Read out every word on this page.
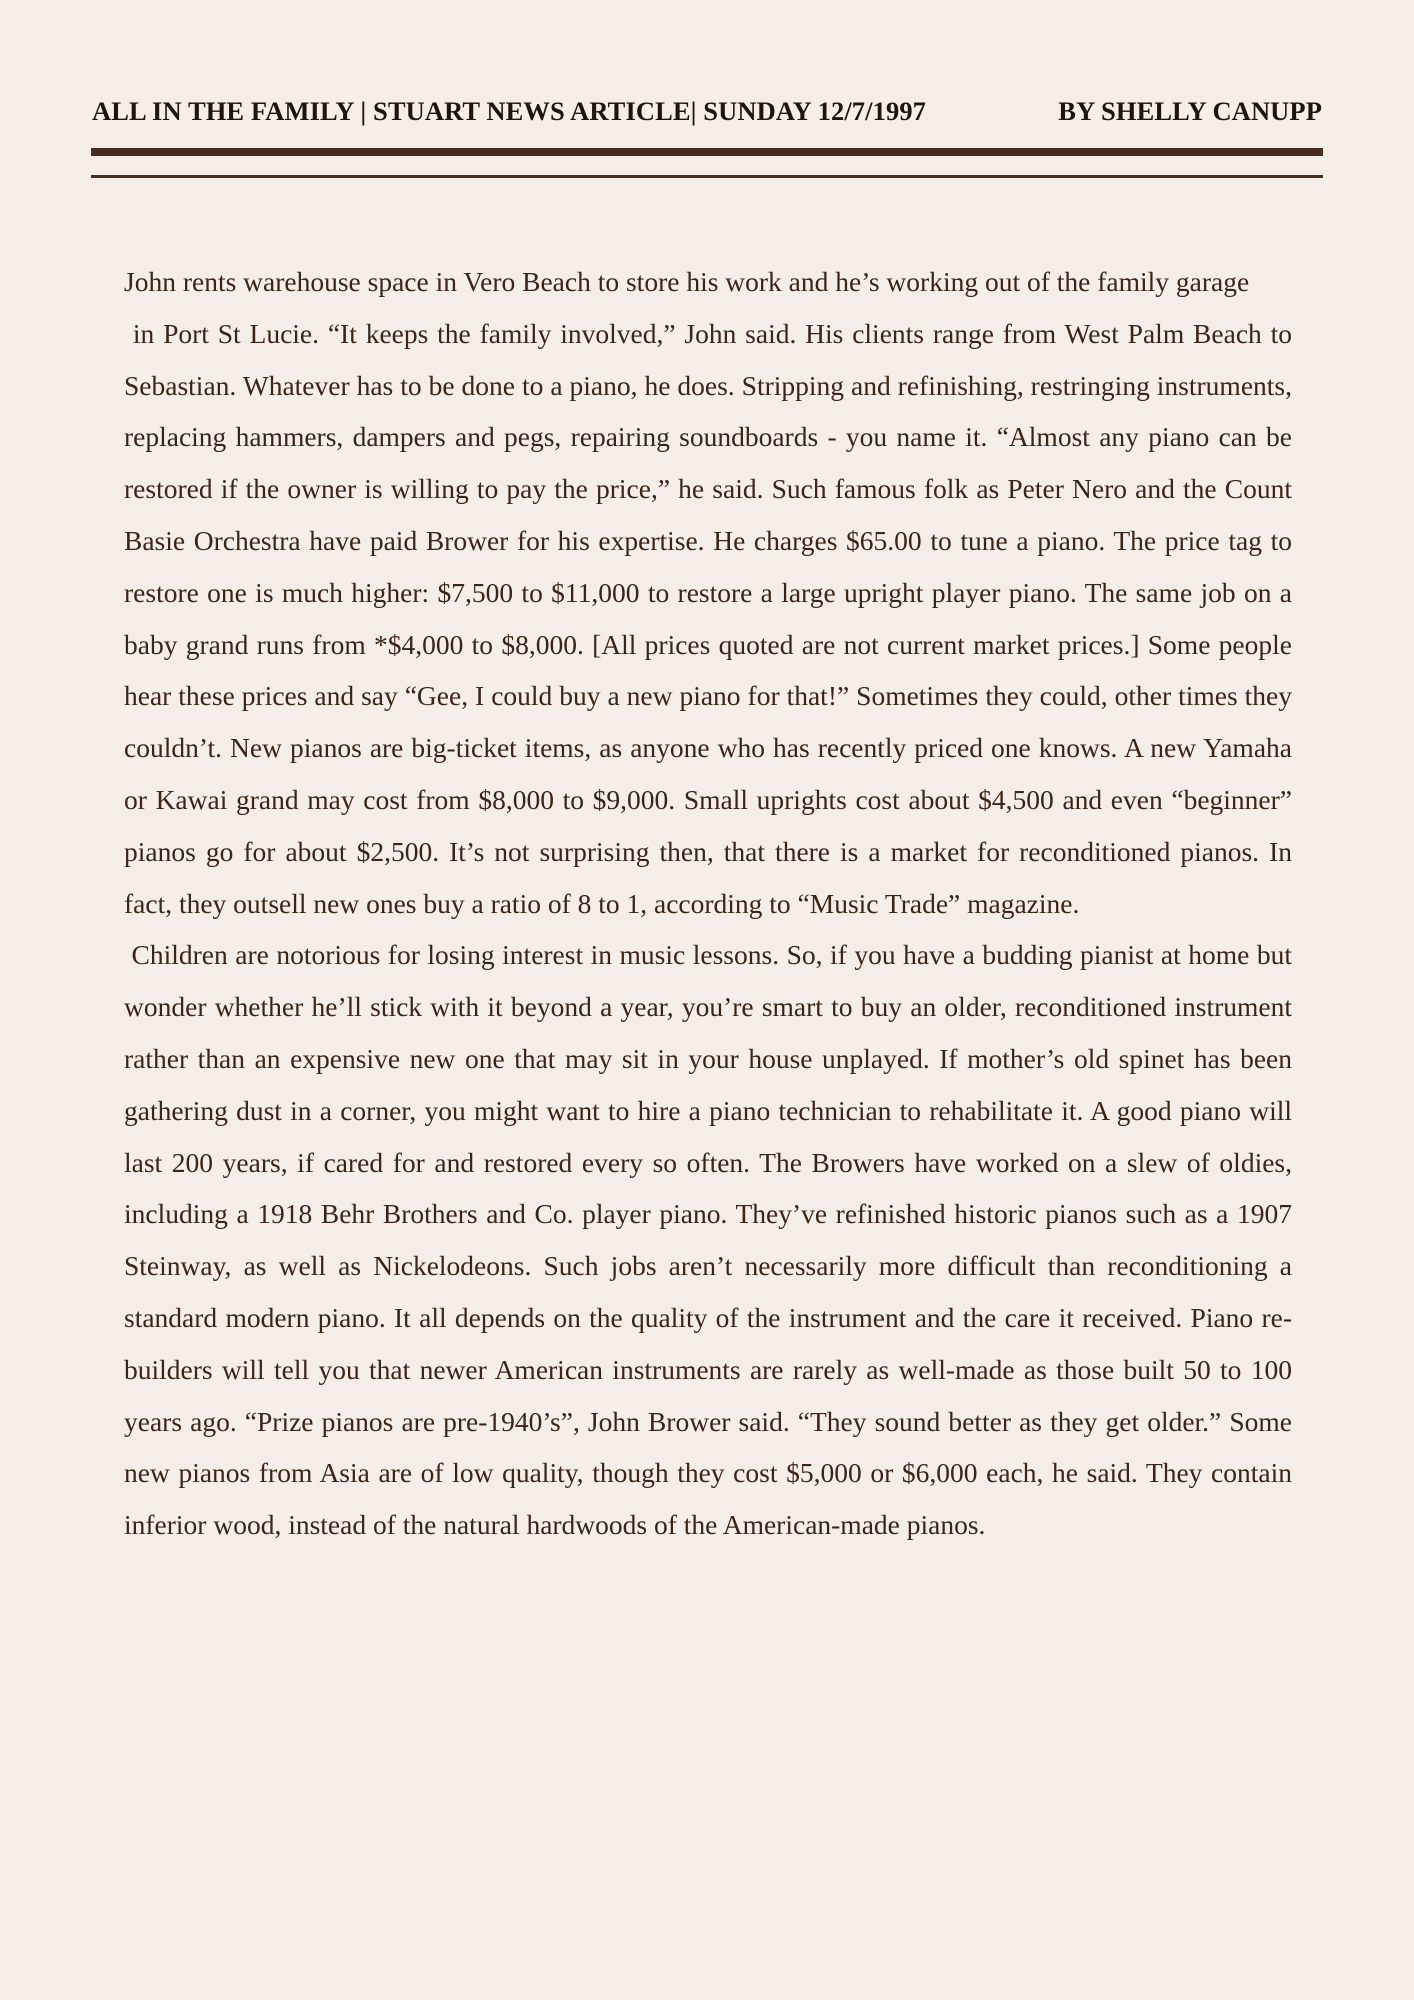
ALL IN THE FAMILY | STUART NEWS ARTICLE| SUNDAY 12/7/1997	BY SHELLY CANUPP

John rents warehouse space in Vero Beach to store his work and he’s working out of the family garage

in Port St Lucie. “It keeps the family involved,” John said. His clients range from West Palm Beach to Sebastian. Whatever has to be done to a piano, he does. Stripping and refinishing, restringing instruments, replacing hammers, dampers and pegs, repairing soundboards - you name it. “Almost any piano can be restored if the owner is willing to pay the price,” he said. Such famous folk as Peter Nero and the Count Basie Orchestra have paid Brower for his expertise. He charges $65.00 to tune a piano. The price tag to restore one is much higher: $7,500 to $11,000 to restore a large upright player piano. The same job on a baby grand runs from *$4,000 to $8,000. [All prices quoted are not current market prices.] Some people hear these prices and say “Gee, I could buy a new piano for that!” Sometimes they could, other times they couldn’t. New pianos are big-ticket items, as anyone who has recently priced one knows. A new Yamaha or Kawai grand may cost from $8,000 to $9,000. Small uprights cost about $4,500 and even “beginner” pianos go for about $2,500. It’s not surprising then, that there is a market for reconditioned pianos. In fact, they outsell new ones buy a ratio of 8 to 1, according to “Music Trade” magazine.

Children are notorious for losing interest in music lessons. So, if you have a budding pianist at home but wonder whether he’ll stick with it beyond a year, you’re smart to buy an older, reconditioned instrument rather than an expensive new one that may sit in your house unplayed. If mother’s old spinet has been gathering dust in a corner, you might want to hire a piano technician to rehabilitate it. A good piano will last 200 years, if cared for and restored every so often. The Browers have worked on a slew of oldies, including a 1918 Behr Brothers and Co. player piano. They’ve refinished historic pianos such as a 1907 Steinway, as well as Nickelodeons. Such jobs aren’t necessarily more difficult than reconditioning a standard modern piano. It all depends on the quality of the instrument and the care it received. Piano re-builders will tell you that newer American instruments are rarely as well-made as those built 50 to 100 years ago. “Prize pianos are pre-1940’s”, John Brower said. “They sound better as they get older.” Some new pianos from Asia are of low quality, though they cost $5,000 or $6,000 each, he said. They contain inferior wood, instead of the natural hardwoods of the American-made pianos.
